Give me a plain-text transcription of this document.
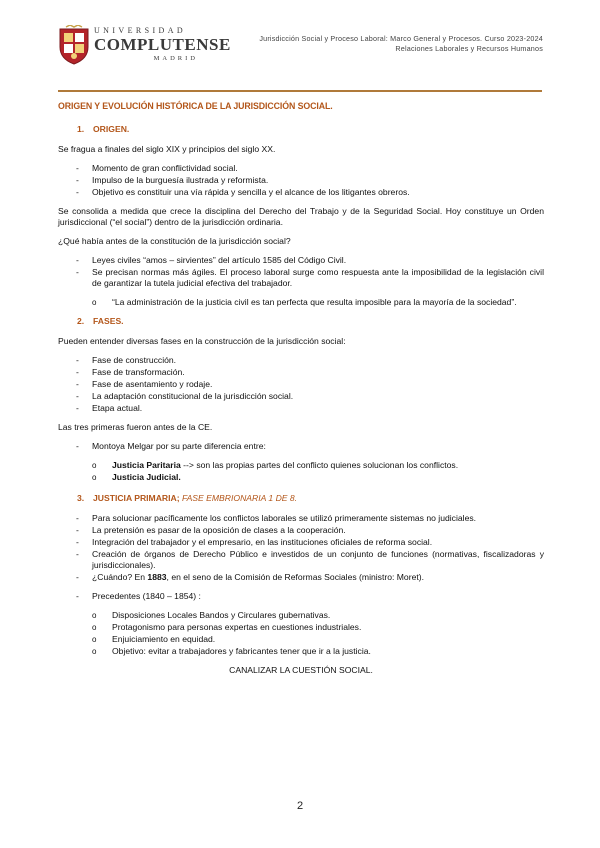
UNIVERSIDAD
COMPLUTENSE
MADRID
Jurisdicción Social y Proceso Laboral: Marco General y Procesos. Curso 2023-2024
Relaciones Laborales y Recursos Humanos
ORIGEN Y EVOLUCIÓN HISTÓRICA DE LA JURISDICCIÓN SOCIAL.
1. ORIGEN.

Se fragua a finales del siglo XIX y principios del siglo XX.

- Momento de gran conflictividad social.
- Impulso de la burguesía ilustrada y reformista.
- Objetivo es constituir una vía rápida y sencilla y el alcance de los litigantes obreros.

Se consolida a medida que crece la disciplina del Derecho del Trabajo y de la Seguridad Social. Hoy constituye un Orden jurisdiccional (“el social”) dentro de la jurisdicción ordinaria.

¿Qué había antes de la constitución de la jurisdicción social?

- Leyes civiles “amos – sirvientes” del artículo 1585 del Código Civil.
- Se precisan normas más ágiles. El proceso laboral surge como respuesta ante la imposibilidad de la legislación civil de garantizar la tutela judicial efectiva del trabajador.
o “La administración de la justicia civil es tan perfecta que resulta imposible para la mayoría de la sociedad”.
2. FASES.

Pueden entender diversas fases en la construcción de la jurisdicción social:

- Fase de construcción.
- Fase de transformación.
- Fase de asentamiento y rodaje.
- La adaptación constitucional de la jurisdicción social.
- Etapa actual.

Las tres primeras fueron antes de la CE.

- Montoya Melgar por su parte diferencia entre:
o Justicia Paritaria --> son las propias partes del conflicto quienes solucionan los conflictos.
o Justicia Judicial.
3. JUSTICIA PRIMARIA; FASE EMBRIONARIA 1 DE 8.
- Para solucionar pacíficamente los conflictos laborales se utilizó primeramente sistemas no judiciales.
- La pretensión es pasar de la oposición de clases a la cooperación.
- Integración del trabajador y el empresario, en las instituciones oficiales de reforma social.
- Creación de órganos de Derecho Público e investidos de un conjunto de funciones (normativas, fiscalizadoras y jurisdiccionales).
- ¿Cuándo? En 1883, en el seno de la Comisión de Reformas Sociales (ministro: Moret).
- Precedentes (1840 – 1854) :
o Disposiciones Locales Bandos y Circulares gubernativas.
o Protagonismo para personas expertas en cuestiones industriales.
o Enjuiciamiento en equidad.
o Objetivo: evitar a trabajadores y fabricantes tener que ir a la justicia.
CANALIZAR LA CUESTIÓN SOCIAL.
2
